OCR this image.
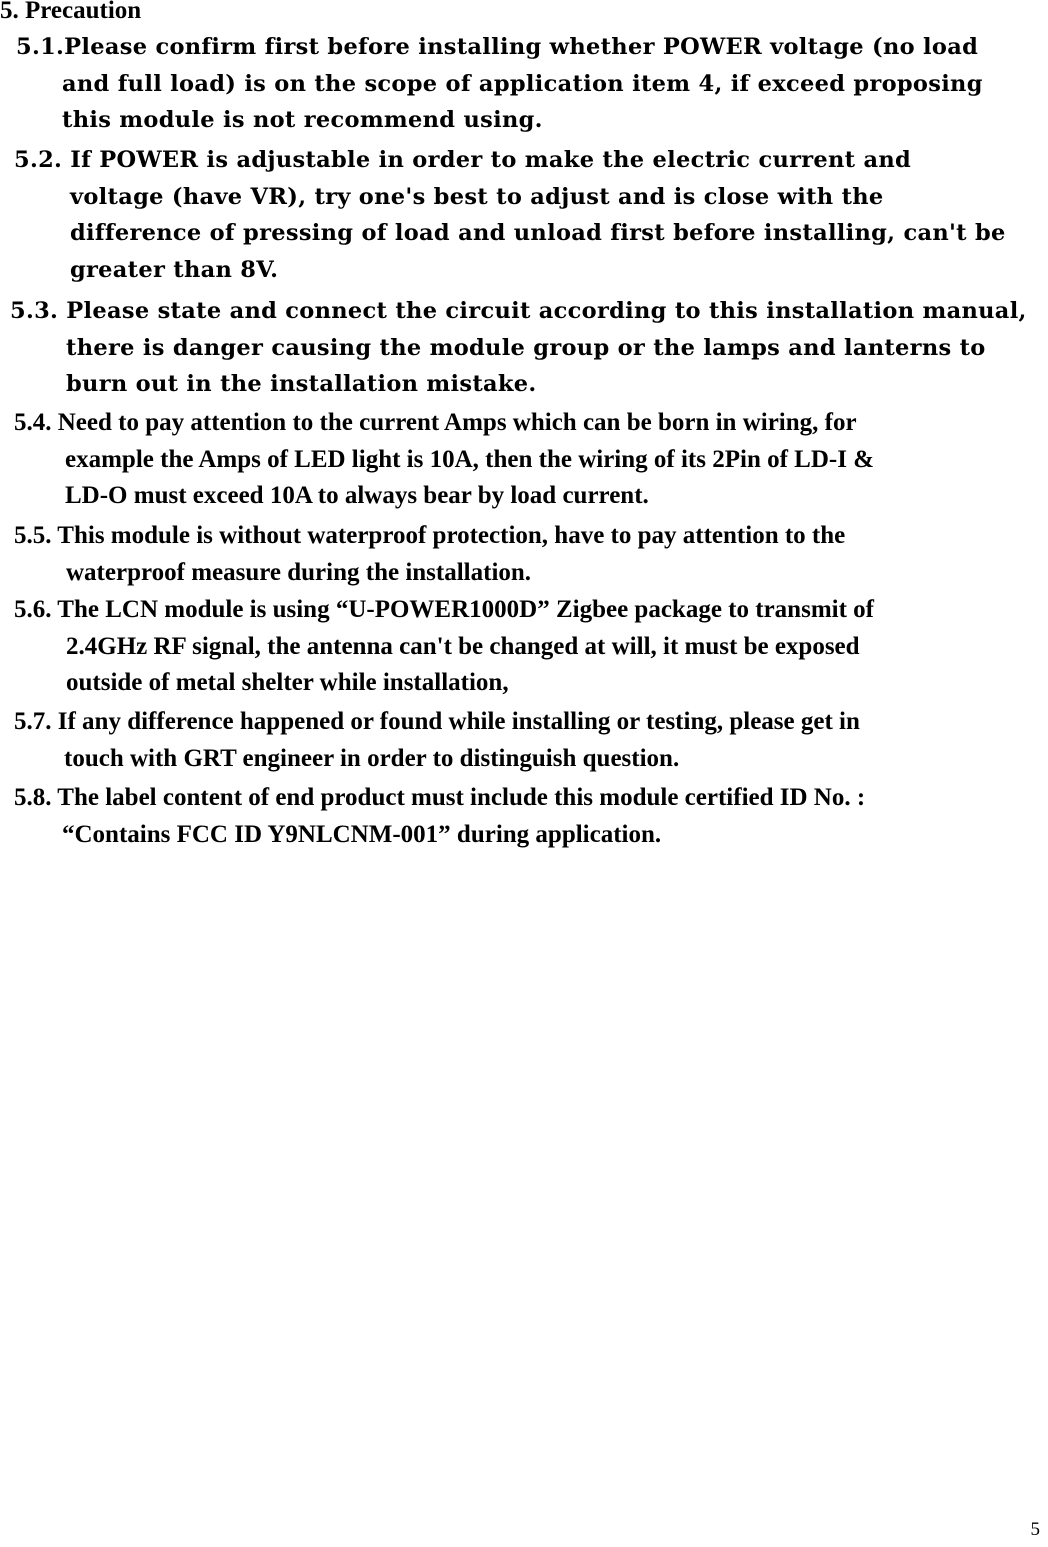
5. Precaution
5.1.Please confirm first before installing whether POWER voltage (no load
and full load) is on the scope of application item 4, if exceed proposing
this module is not recommend using.
5.2. If POWER is adjustable in order to make the electric current and
voltage (have VR), try one's best to adjust and is close with the
difference of pressing of load and unload first before installing, can't be
greater than 8V.
5.3. Please state and connect the circuit according to this installation manual,
there is danger causing the module group or the lamps and lanterns to
burn out in the installation mistake.
5.4. Need to pay attention to the current Amps which can be born in wiring, for
example the Amps of LED light is 10A, then the wiring of its 2Pin of LD-I &
LD-O must exceed 10A to always bear by load current.
5.5. This module is without waterproof protection, have to pay attention to the
waterproof measure during the installation.
5.6. The LCN module is using “U-POWER1000D” Zigbee package to transmit of
2.4GHz RF signal, the antenna can't be changed at will, it must be exposed
outside of metal shelter while installation,
5.7. If any difference happened or found while installing or testing, please get in
touch with GRT engineer in order to distinguish question.
5.8. The label content of end product must include this module certified ID No. :
“Contains FCC ID Y9NLCNM-001” during application.
5
